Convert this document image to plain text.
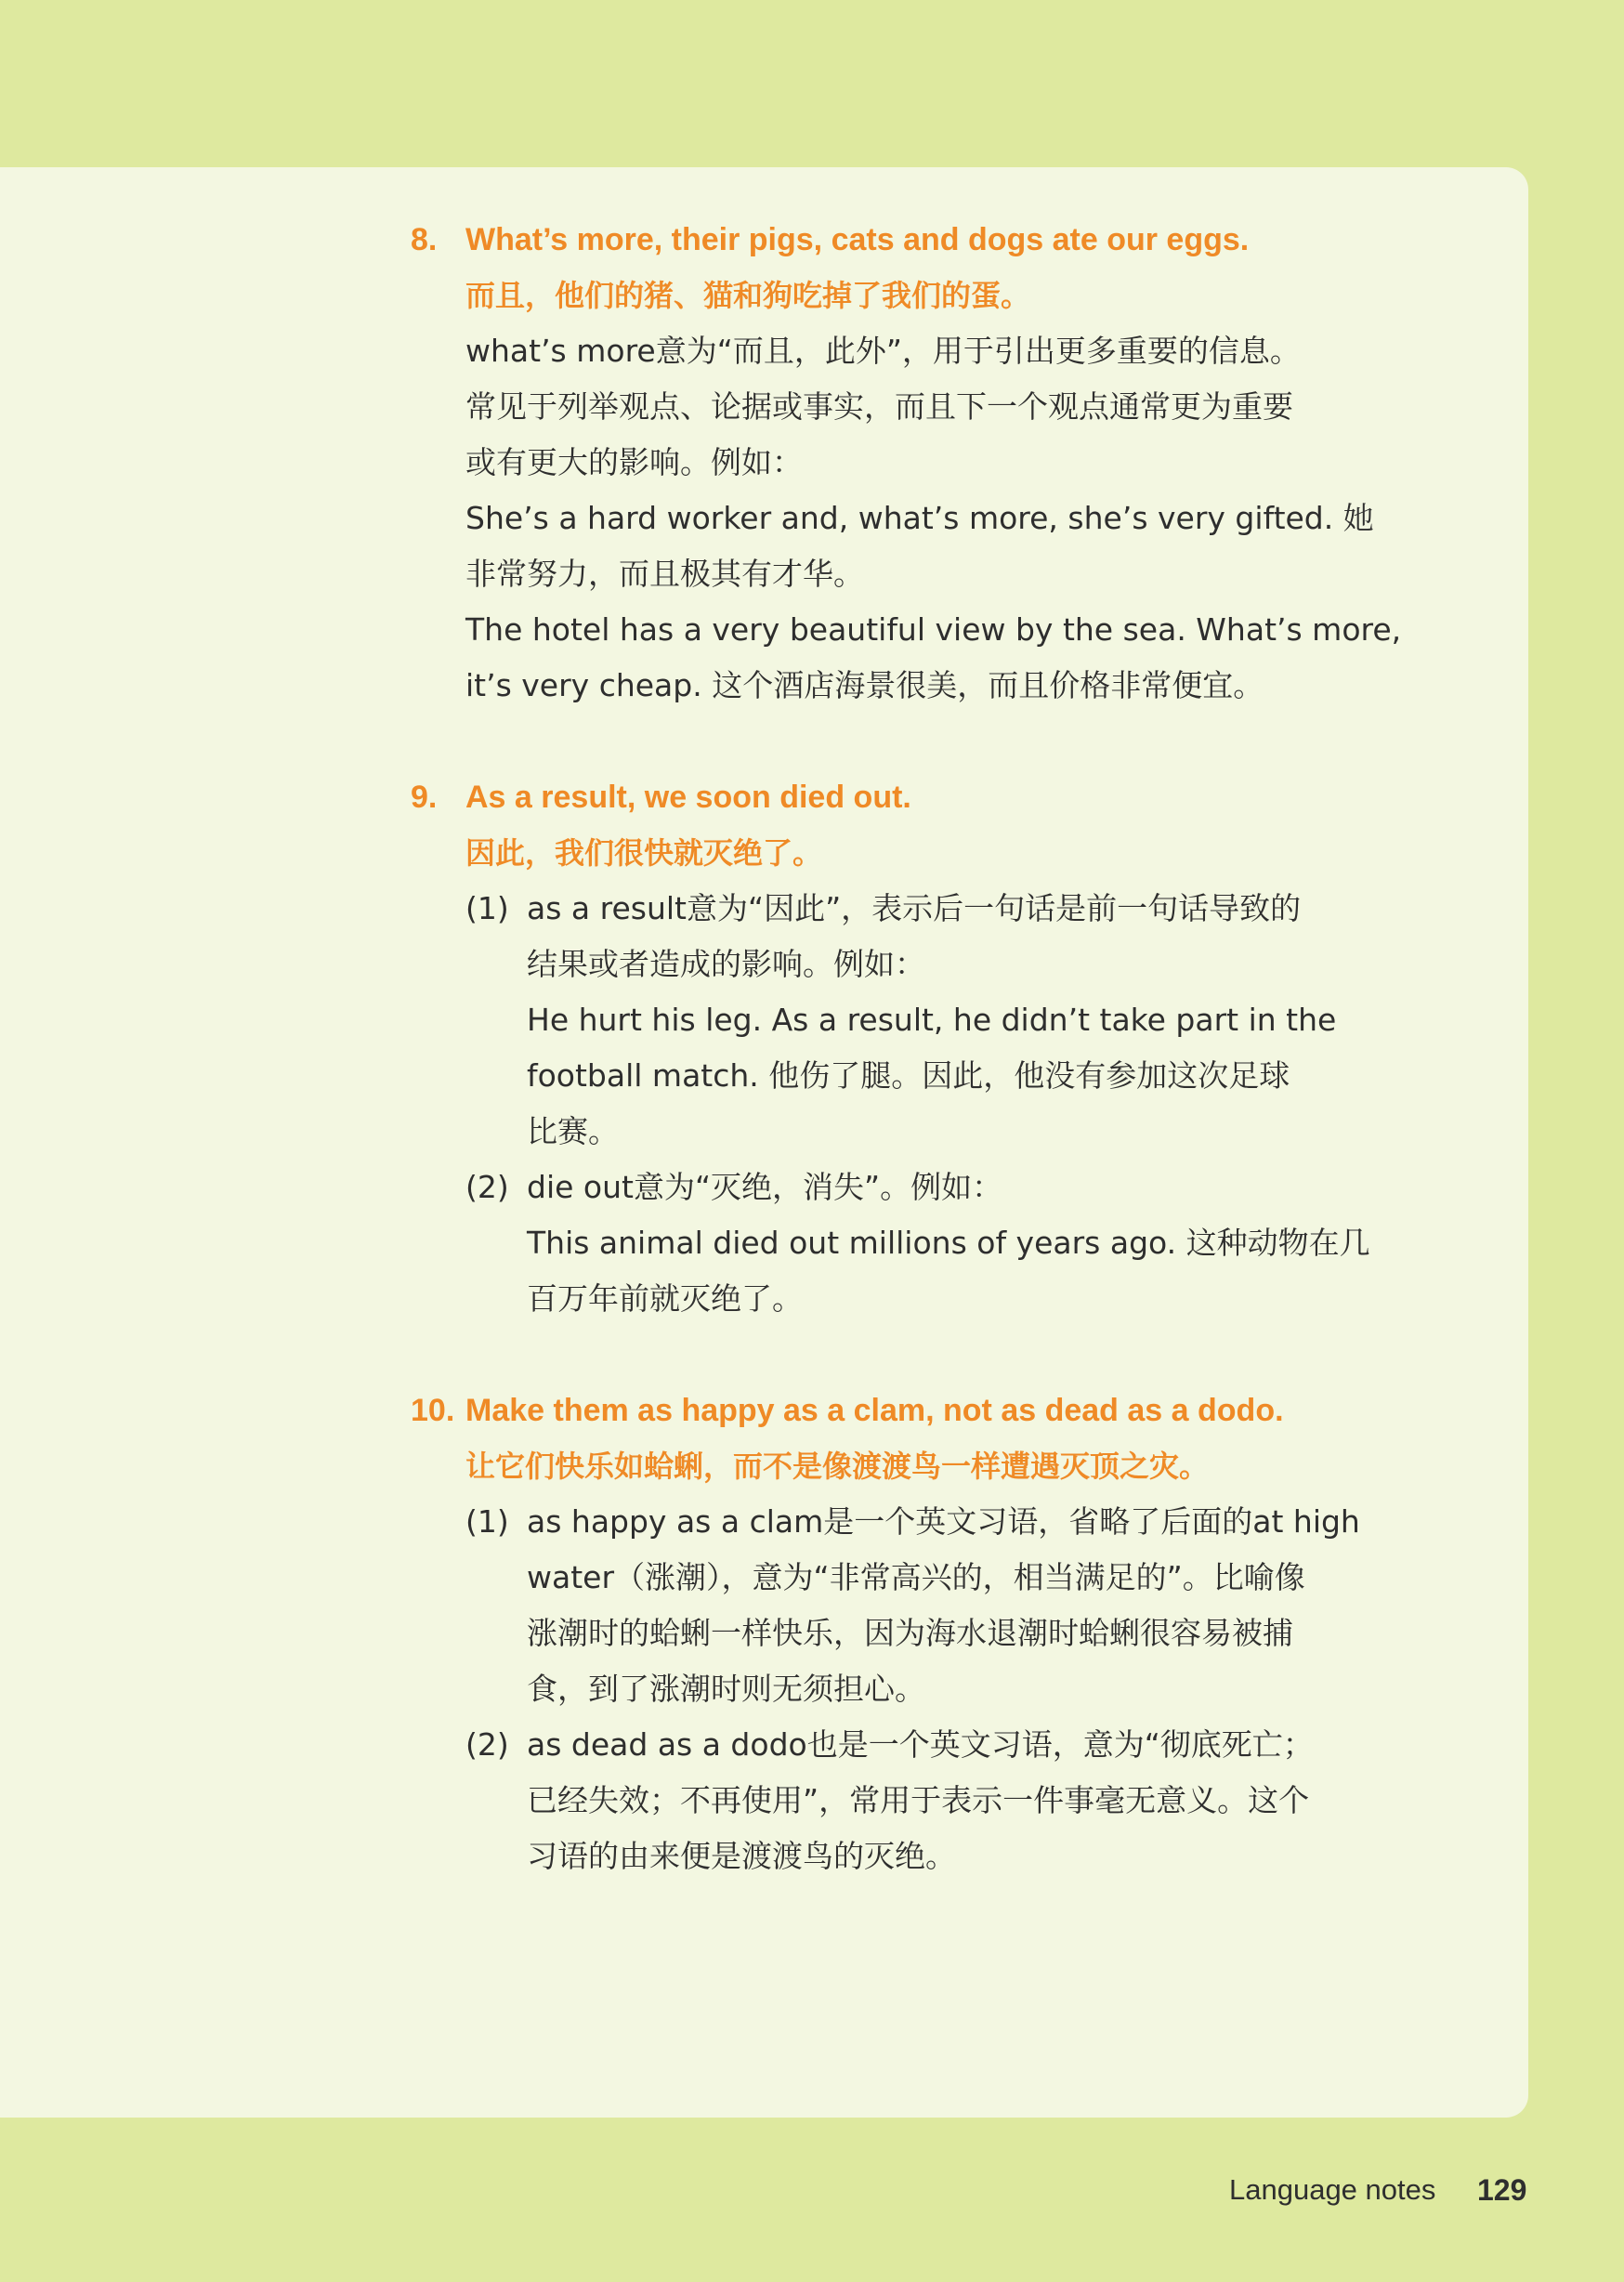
8. What’s more, their pigs, cats and dogs ate our eggs.
而且，他们的猪、猫和狗吃掉了我们的蛋。
what’s more意为“而且，此外”，用于引出更多重要的信息。
常见于列举观点、论据或事实，而且下一个观点通常更为重要
或有更大的影响。例如：
She’s a hard worker and, what’s more, she’s very gifted. 她
非常努力，而且极其有才华。
The hotel has a very beautiful view by the sea. What’s more,
it’s very cheap. 这个酒店海景很美，而且价格非常便宜。
9. As a result, we soon died out.
因此，我们很快就灭绝了。
(1) as a result意为“因此”，表示后一句话是前一句话导致的
结果或者造成的影响。例如：
He hurt his leg. As a result, he didn’t take part in the
football match. 他伤了腿。因此，他没有参加这次足球
比赛。
(2) die out意为“灭绝，消失”。例如：
This animal died out millions of years ago. 这种动物在几
百万年前就灭绝了。
10. Make them as happy as a clam, not as dead as a dodo.
让它们快乐如蛤蜊，而不是像渡渡鸟一样遭遇灭顶之灾。
(1) as happy as a clam是一个英文习语，省略了后面的at high
water（涨潮），意为“非常高兴的，相当满足的”。比喻像
涨潮时的蛤蜊一样快乐，因为海水退潮时蛤蜊很容易被捕
食，到了涨潮时则无须担心。
(2) as dead as a dodo也是一个英文习语，意为“彻底死亡；
已经失效；不再使用”，常用于表示一件事毫无意义。这个
习语的由来便是渡渡鸟的灭绝。
Language notes 129
